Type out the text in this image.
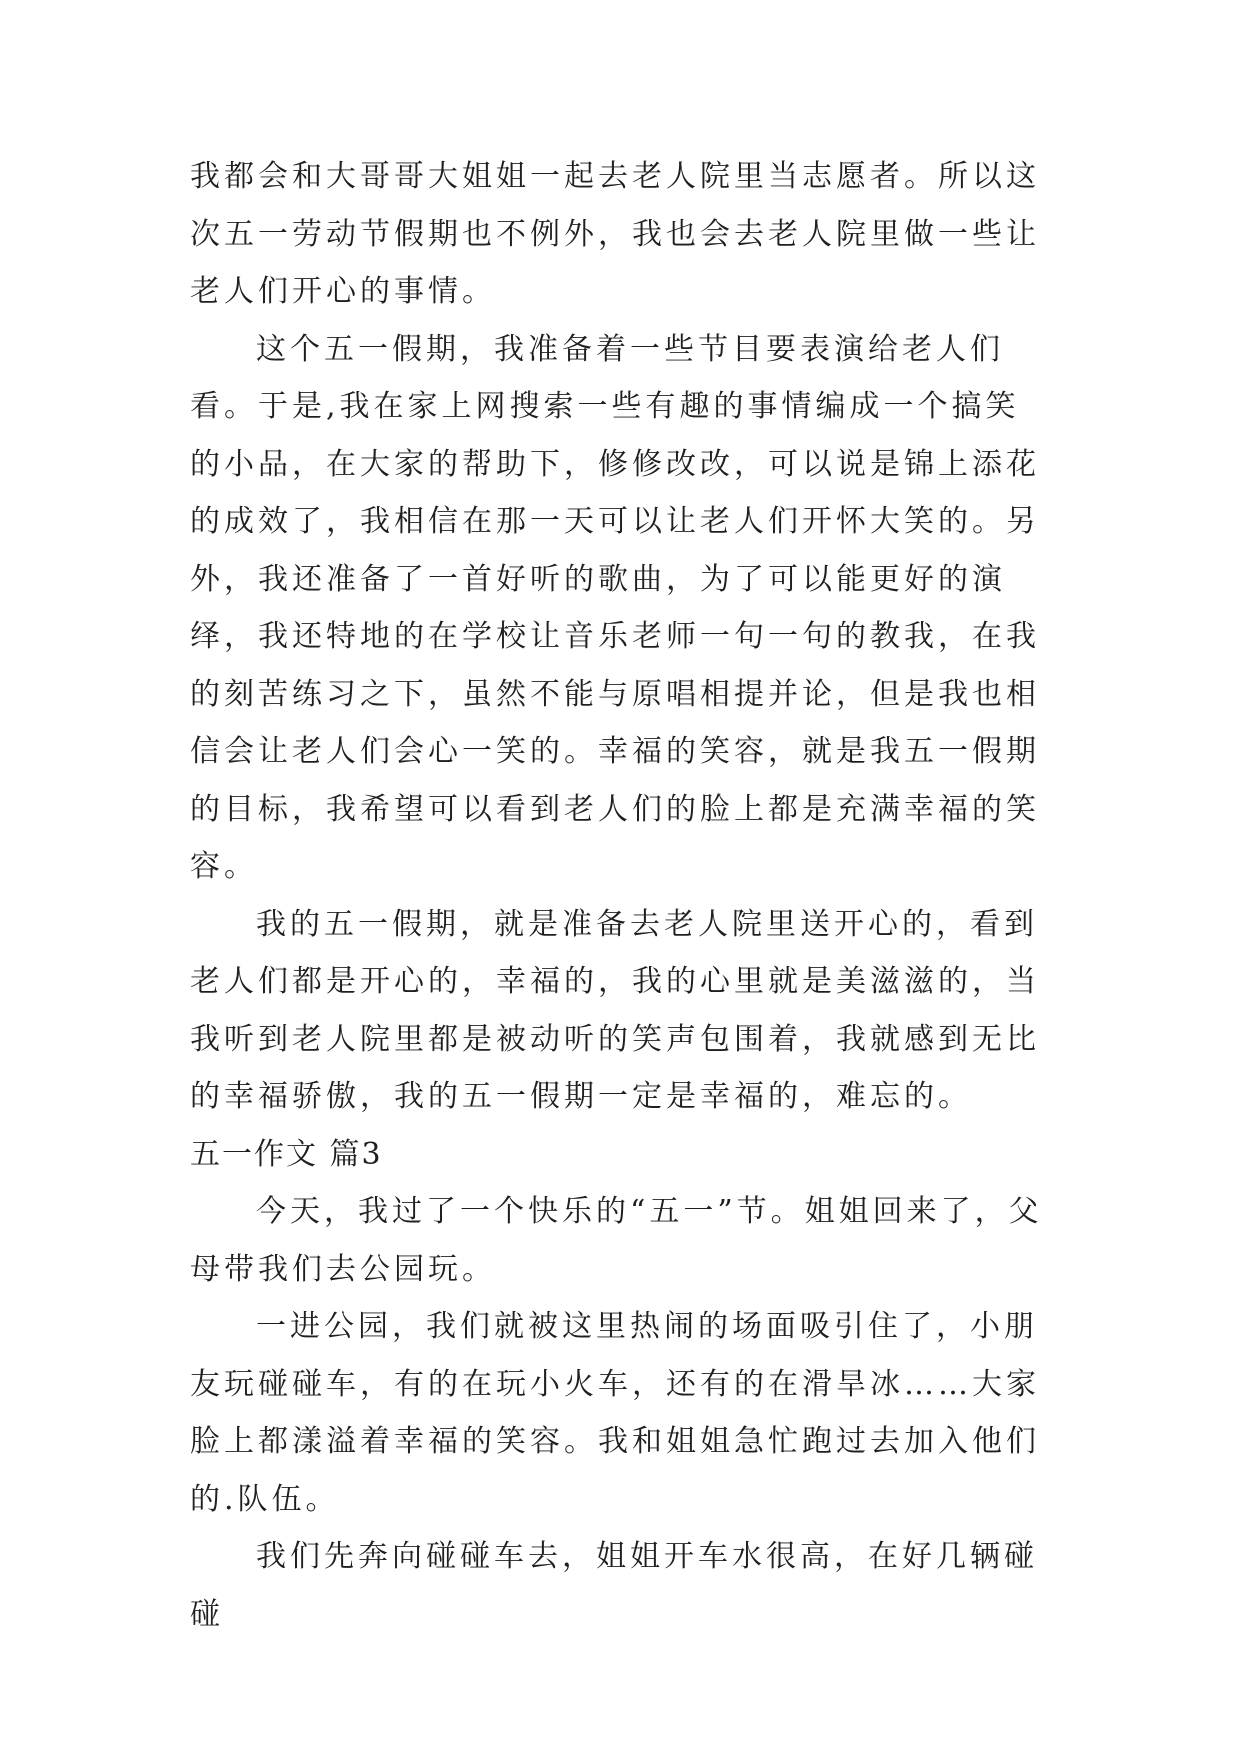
我都会和大哥哥大姐姐一起去老人院里当志愿者。所以这次五一劳动节假期也不例外，我也会去老人院里做一些让老人们开心的事情。

这个五一假期，我准备着一些节目要表演给老人们看。于是,我在家上网搜索一些有趣的事情编成一个搞笑的小品，在大家的帮助下，修修改改，可以说是锦上添花的成效了，我相信在那一天可以让老人们开怀大笑的。另外，我还准备了一首好听的歌曲，为了可以能更好的演绎，我还特地的在学校让音乐老师一句一句的教我，在我的刻苦练习之下，虽然不能与原唱相提并论，但是我也相信会让老人们会心一笑的。幸福的笑容，就是我五一假期的目标，我希望可以看到老人们的脸上都是充满幸福的笑容。

我的五一假期，就是准备去老人院里送开心的，看到老人们都是开心的，幸福的，我的心里就是美滋滋的，当我听到老人院里都是被动听的笑声包围着，我就感到无比的幸福骄傲，我的五一假期一定是幸福的，难忘的。

五一作文 篇3

今天，我过了一个快乐的“五一”节。姐姐回来了，父母带我们去公园玩。

一进公园，我们就被这里热闹的场面吸引住了，小朋友玩碰碰车，有的在玩小火车，还有的在滑旱冰……大家脸上都漾溢着幸福的笑容。我和姐姐急忙跑过去加入他们的.队伍。

我们先奔向碰碰车去，姐姐开车水很高，在好几辆碰碰
